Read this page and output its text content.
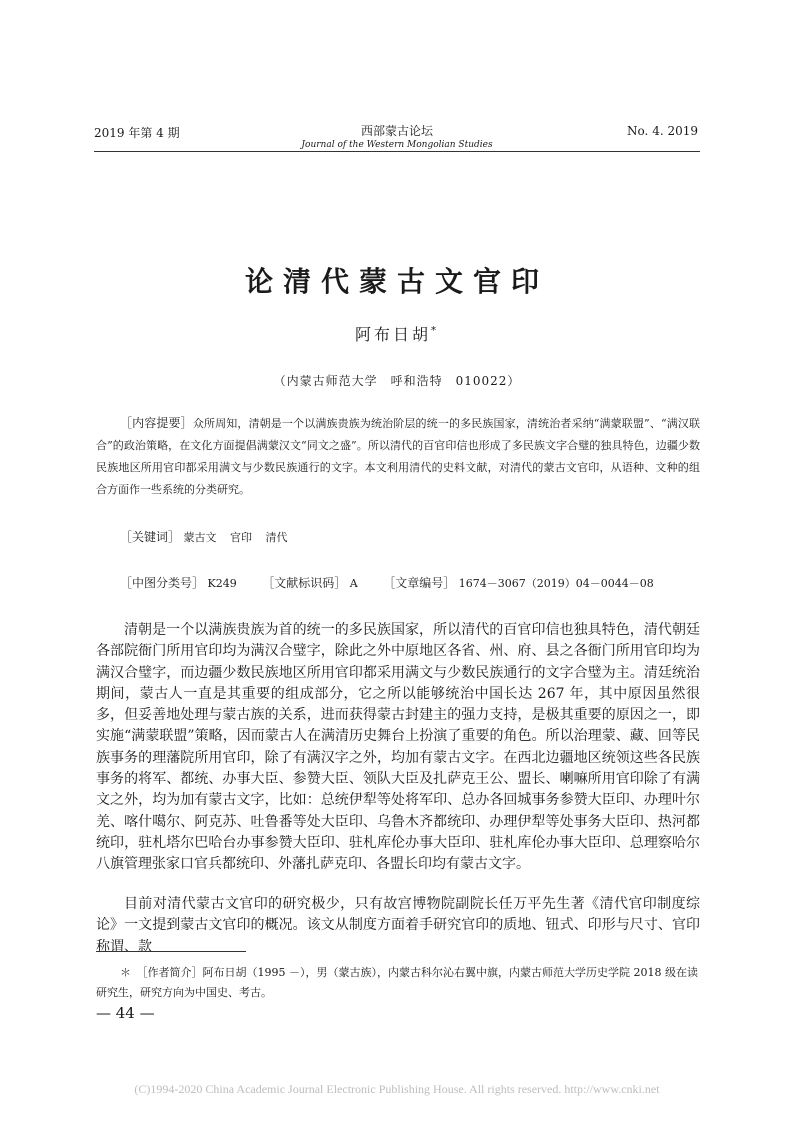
2019 年第 4 期	西部蒙古论坛
Journal of the Western Mongolian Studies
No. 4. 2019
论清代蒙古文官印
阿布日胡*
（内蒙古师范大学　呼和浩特　010022）
［内容提要］众所周知，清朝是一个以满族贵族为统治阶层的统一的多民族国家，清统治者采纳“满蒙联盟”、“满汉联合”的政治策略，在文化方面提倡满蒙汉文“同文之盛”。所以清代的百官印信也形成了多民族文字合璧的独具特色，边疆少数民族地区所用官印都采用满文与少数民族通行的文字。本文利用清代的史料文献，对清代的蒙古文官印，从语种、文种的组合方面作一些系统的分类研究。
［关键词］ 蒙古文 官印 清代
［中图分类号］ K249 ［文献标识码］ A ［文章编号］ 1674－3067（2019）04－0044－08
清朝是一个以满族贵族为首的统一的多民族国家，所以清代的百官印信也独具特色，清代朝廷各部院衙门所用官印均为满汉合璧字，除此之外中原地区各省、州、府、县之各衙门所用官印均为满汉合璧字，而边疆少数民族地区所用官印都采用满文与少数民族通行的文字合璧为主。清廷统治期间，蒙古人一直是其重要的组成部分，它之所以能够统治中国长达 267 年，其中原因虽然很多，但妥善地处理与蒙古族的关系，进而获得蒙古封建主的强力支持，是极其重要的原因之一，即实施“满蒙联盟”策略，因而蒙古人在满清历史舞台上扮演了重要的角色。所以治理蒙、藏、回等民族事务的理藩院所用官印，除了有满汉字之外，均加有蒙古文字。在西北边疆地区统领这些各民族事务的将军、都统、办事大臣、参赞大臣、领队大臣及扎萨克王公、盟长、喇嘛所用官印除了有满文之外，均为加有蒙古文字，比如：总统伊犁等处将军印、总办各回城事务参赞大臣印、办理叶尔羌、喀什噶尔、阿克苏、吐鲁番等处大臣印、乌鲁木齐都统印、办理伊犁等处事务大臣印、热河都统印，驻札塔尔巴哈台办事参赞大臣印、驻札库伦办事大臣印、驻札库伦办事大臣印、总理察哈尔八旗管理张家口官兵都统印、外藩扎萨克印、各盟长印均有蒙古文字。
目前对清代蒙古文官印的研究极少，只有故宫博物院副院长任万平先生著《清代官印制度综论》一文提到蒙古文官印的概况。该文从制度方面着手研究官印的质地、钮式、印形与尺寸、官印称谓、款
＊　［作者简介］阿布日胡（1995 －），男（蒙古族），内蒙古科尔沁右翼中旗，内蒙古师范大学历史学院 2018 级在读研究生，研究方向为中国史、考古。
— 44 —
(C)1994-2020 China Academic Journal Electronic Publishing House. All rights reserved. http://www.cnki.net
